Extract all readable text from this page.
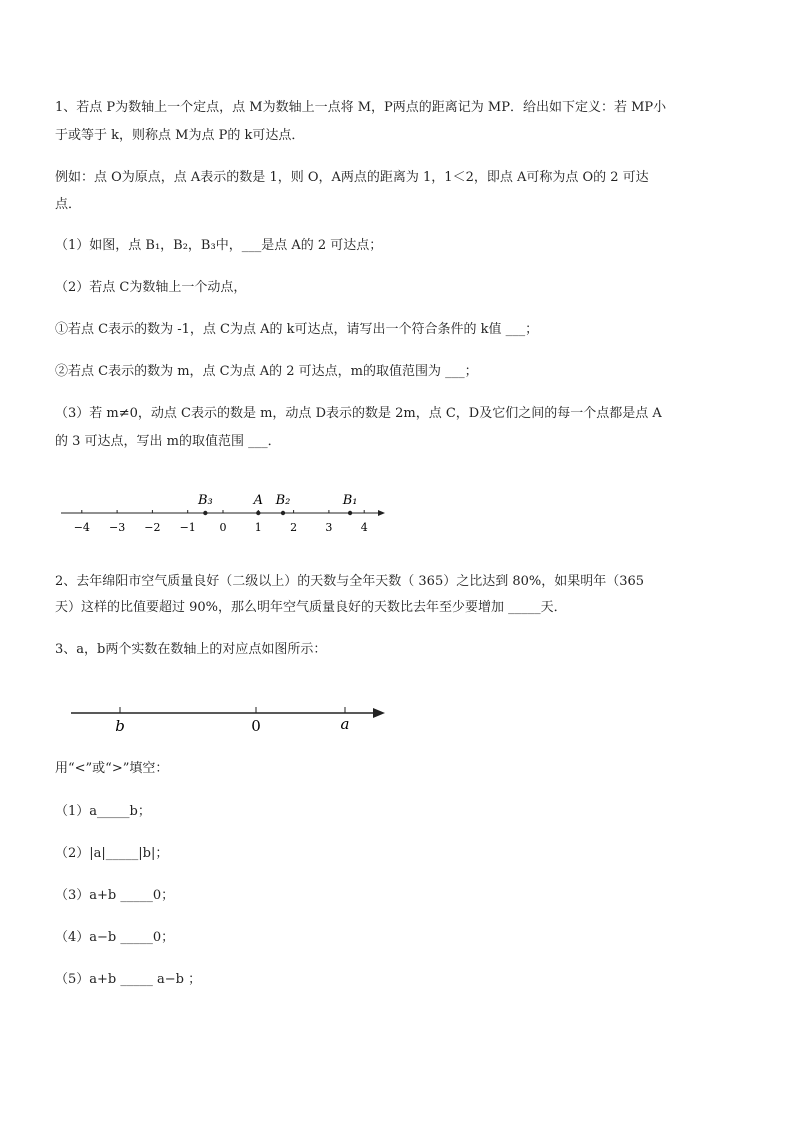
1、若点 P为数轴上一个定点，点 M为数轴上一点将 M，P两点的距离记为 MP．给出如下定义：若 MP小
于或等于 k，则称点 M为点 P的 k可达点．
例如：点 O为原点，点 A表示的数是 1，则 O，A两点的距离为 1，1＜2，即点 A可称为点 O的 2 可达
点．
（1）如图，点 B₁，B₂，B₃中，___是点 A的 2 可达点；
（2）若点 C为数轴上一个动点，
①若点 C表示的数为 -1，点 C为点 A的 k可达点，请写出一个符合条件的 k值 ___；
②若点 C表示的数为 m，点 C为点 A的 2 可达点，m的取值范围为 ___；
（3）若 m≠0，动点 C表示的数是 m，动点 D表示的数是 2m，点 C，D及它们之间的每一个点都是点 A
的 3 可达点，写出 m的取值范围 ___．
−4 −3 −2 −1 0	1	2	3	4
B₃	A B₂	B₁
2、去年绵阳市空气质量良好（二级以上）的天数与全年天数（ 365）之比达到 80%，如果明年（365
天）这样的比值要超过 90%，那么明年空气质量良好的天数比去年至少要增加 _____天．
3、a，b两个实数在数轴上的对应点如图所示：
b	0	a
用“<”或“>”填空：
（1）a_____b；
（2）|a|_____|b|；
（3）a+b _____0；
（4）a−b _____0；
（5）a+b _____ a−b ；
